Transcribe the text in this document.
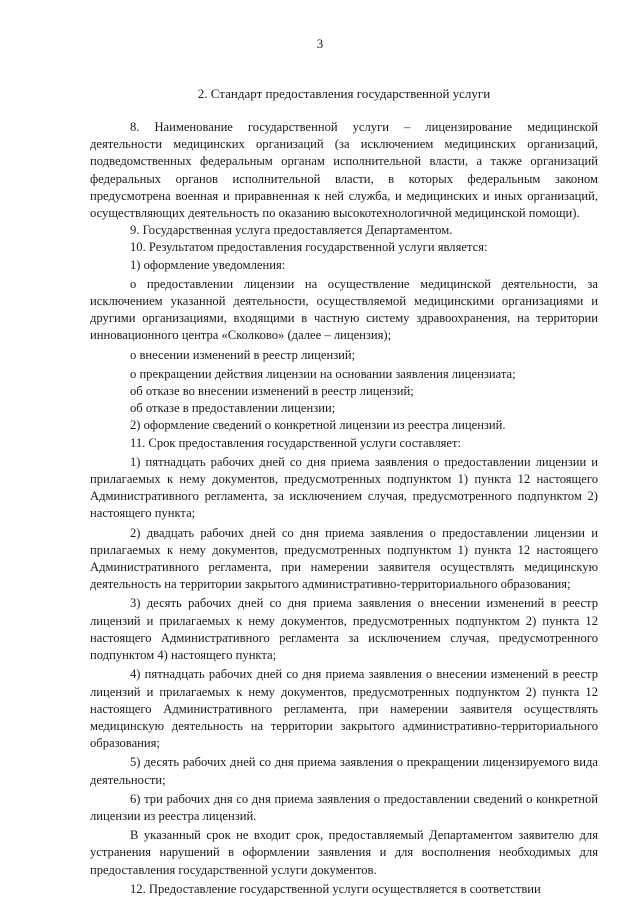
3
2. Стандарт предоставления государственной услуги

8. Наименование государственной услуги – лицензирование медицинской деятельности медицинских организаций (за исключением медицинских организаций, подведомственных федеральным органам исполнительной власти, а также организаций федеральных органов исполнительной власти, в которых федеральным законом предусмотрена военная и приравненная к ней служба, и медицинских и иных организаций, осуществляющих деятельность по оказанию высокотехнологичной медицинской помощи).

9. Государственная услуга предоставляется Департаментом.

10. Результатом предоставления государственной услуги является:

1) оформление уведомления:

о предоставлении лицензии на осуществление медицинской деятельности, за исключением указанной деятельности, осуществляемой медицинскими организациями и другими организациями, входящими в частную систему здравоохранения, на территории инновационного центра «Сколково» (далее – лицензия);

о внесении изменений в реестр лицензий;

о прекращении действия лицензии на основании заявления лицензиата;

об отказе во внесении изменений в реестр лицензий;

об отказе в предоставлении лицензии;

2) оформление сведений о конкретной лицензии из реестра лицензий.

11. Срок предоставления государственной услуги составляет:

1) пятнадцать рабочих дней со дня приема заявления о предоставлении лицензии и прилагаемых к нему документов, предусмотренных подпунктом 1) пункта 12 настоящего Административного регламента, за исключением случая, предусмотренного подпунктом 2) настоящего пункта;

2) двадцать рабочих дней со дня приема заявления о предоставлении лицензии и прилагаемых к нему документов, предусмотренных подпунктом 1) пункта 12 настоящего Административного регламента, при намерении заявителя осуществлять медицинскую деятельность на территории закрытого административно-территориального образования;

3) десять рабочих дней со дня приема заявления о внесении изменений в реестр лицензий и прилагаемых к нему документов, предусмотренных подпунктом 2) пункта 12 настоящего Административного регламента за исключением случая, предусмотренного подпунктом 4) настоящего пункта;

4) пятнадцать рабочих дней со дня приема заявления о внесении изменений в реестр лицензий и прилагаемых к нему документов, предусмотренных подпунктом 2) пункта 12 настоящего Административного регламента, при намерении заявителя осуществлять медицинскую деятельность на территории закрытого административно-территориального образования;

5) десять рабочих дней со дня приема заявления о прекращении лицензируемого вида деятельности;

6) три рабочих дня со дня приема заявления о предоставлении сведений о конкретной лицензии из реестра лицензий.

В указанный срок не входит срок, предоставляемый Департаментом заявителю для устранения нарушений в оформлении заявления и для восполнения необходимых для предоставления государственной услуги документов.

12. Предоставление государственной услуги осуществляется в соответствии
